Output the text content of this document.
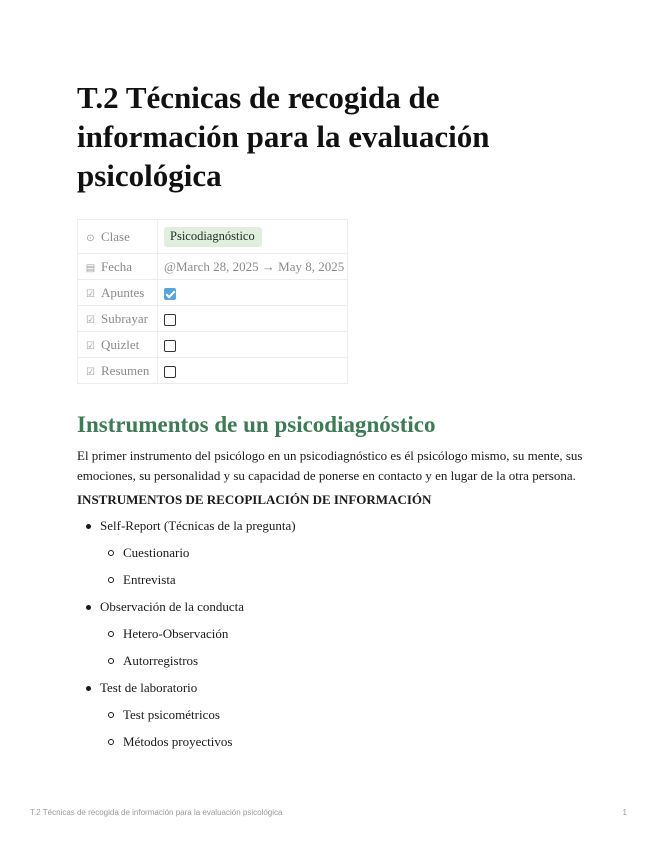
T.2 Técnicas de recogida de información para la evaluación psicológica
⊙ Clase	Psicodiagnóstico
▤ Fecha	@March 28, 2025 → May 8, 2025
☑ Apuntes	
☑ Subrayar	
☑ Quizlet	
☑ Resumen	
Instrumentos de un psicodiagnóstico

El primer instrumento del psicólogo en un psicodiagnóstico es él psicólogo mismo, su mente, sus emociones, su personalidad y su capacidad de ponerse en contacto y en lugar de la otra persona.

INSTRUMENTOS DE RECOPILACIÓN DE INFORMACIÓN

Self-Report (Técnicas de la pregunta)
Cuestionario
Entrevista
Observación de la conducta
Hetero-Observación
Autorregistros
Test de laboratorio
Test psicométricos
Métodos proyectivos
T.2 Técnicas de recogida de información para la evaluación psicológica	1
